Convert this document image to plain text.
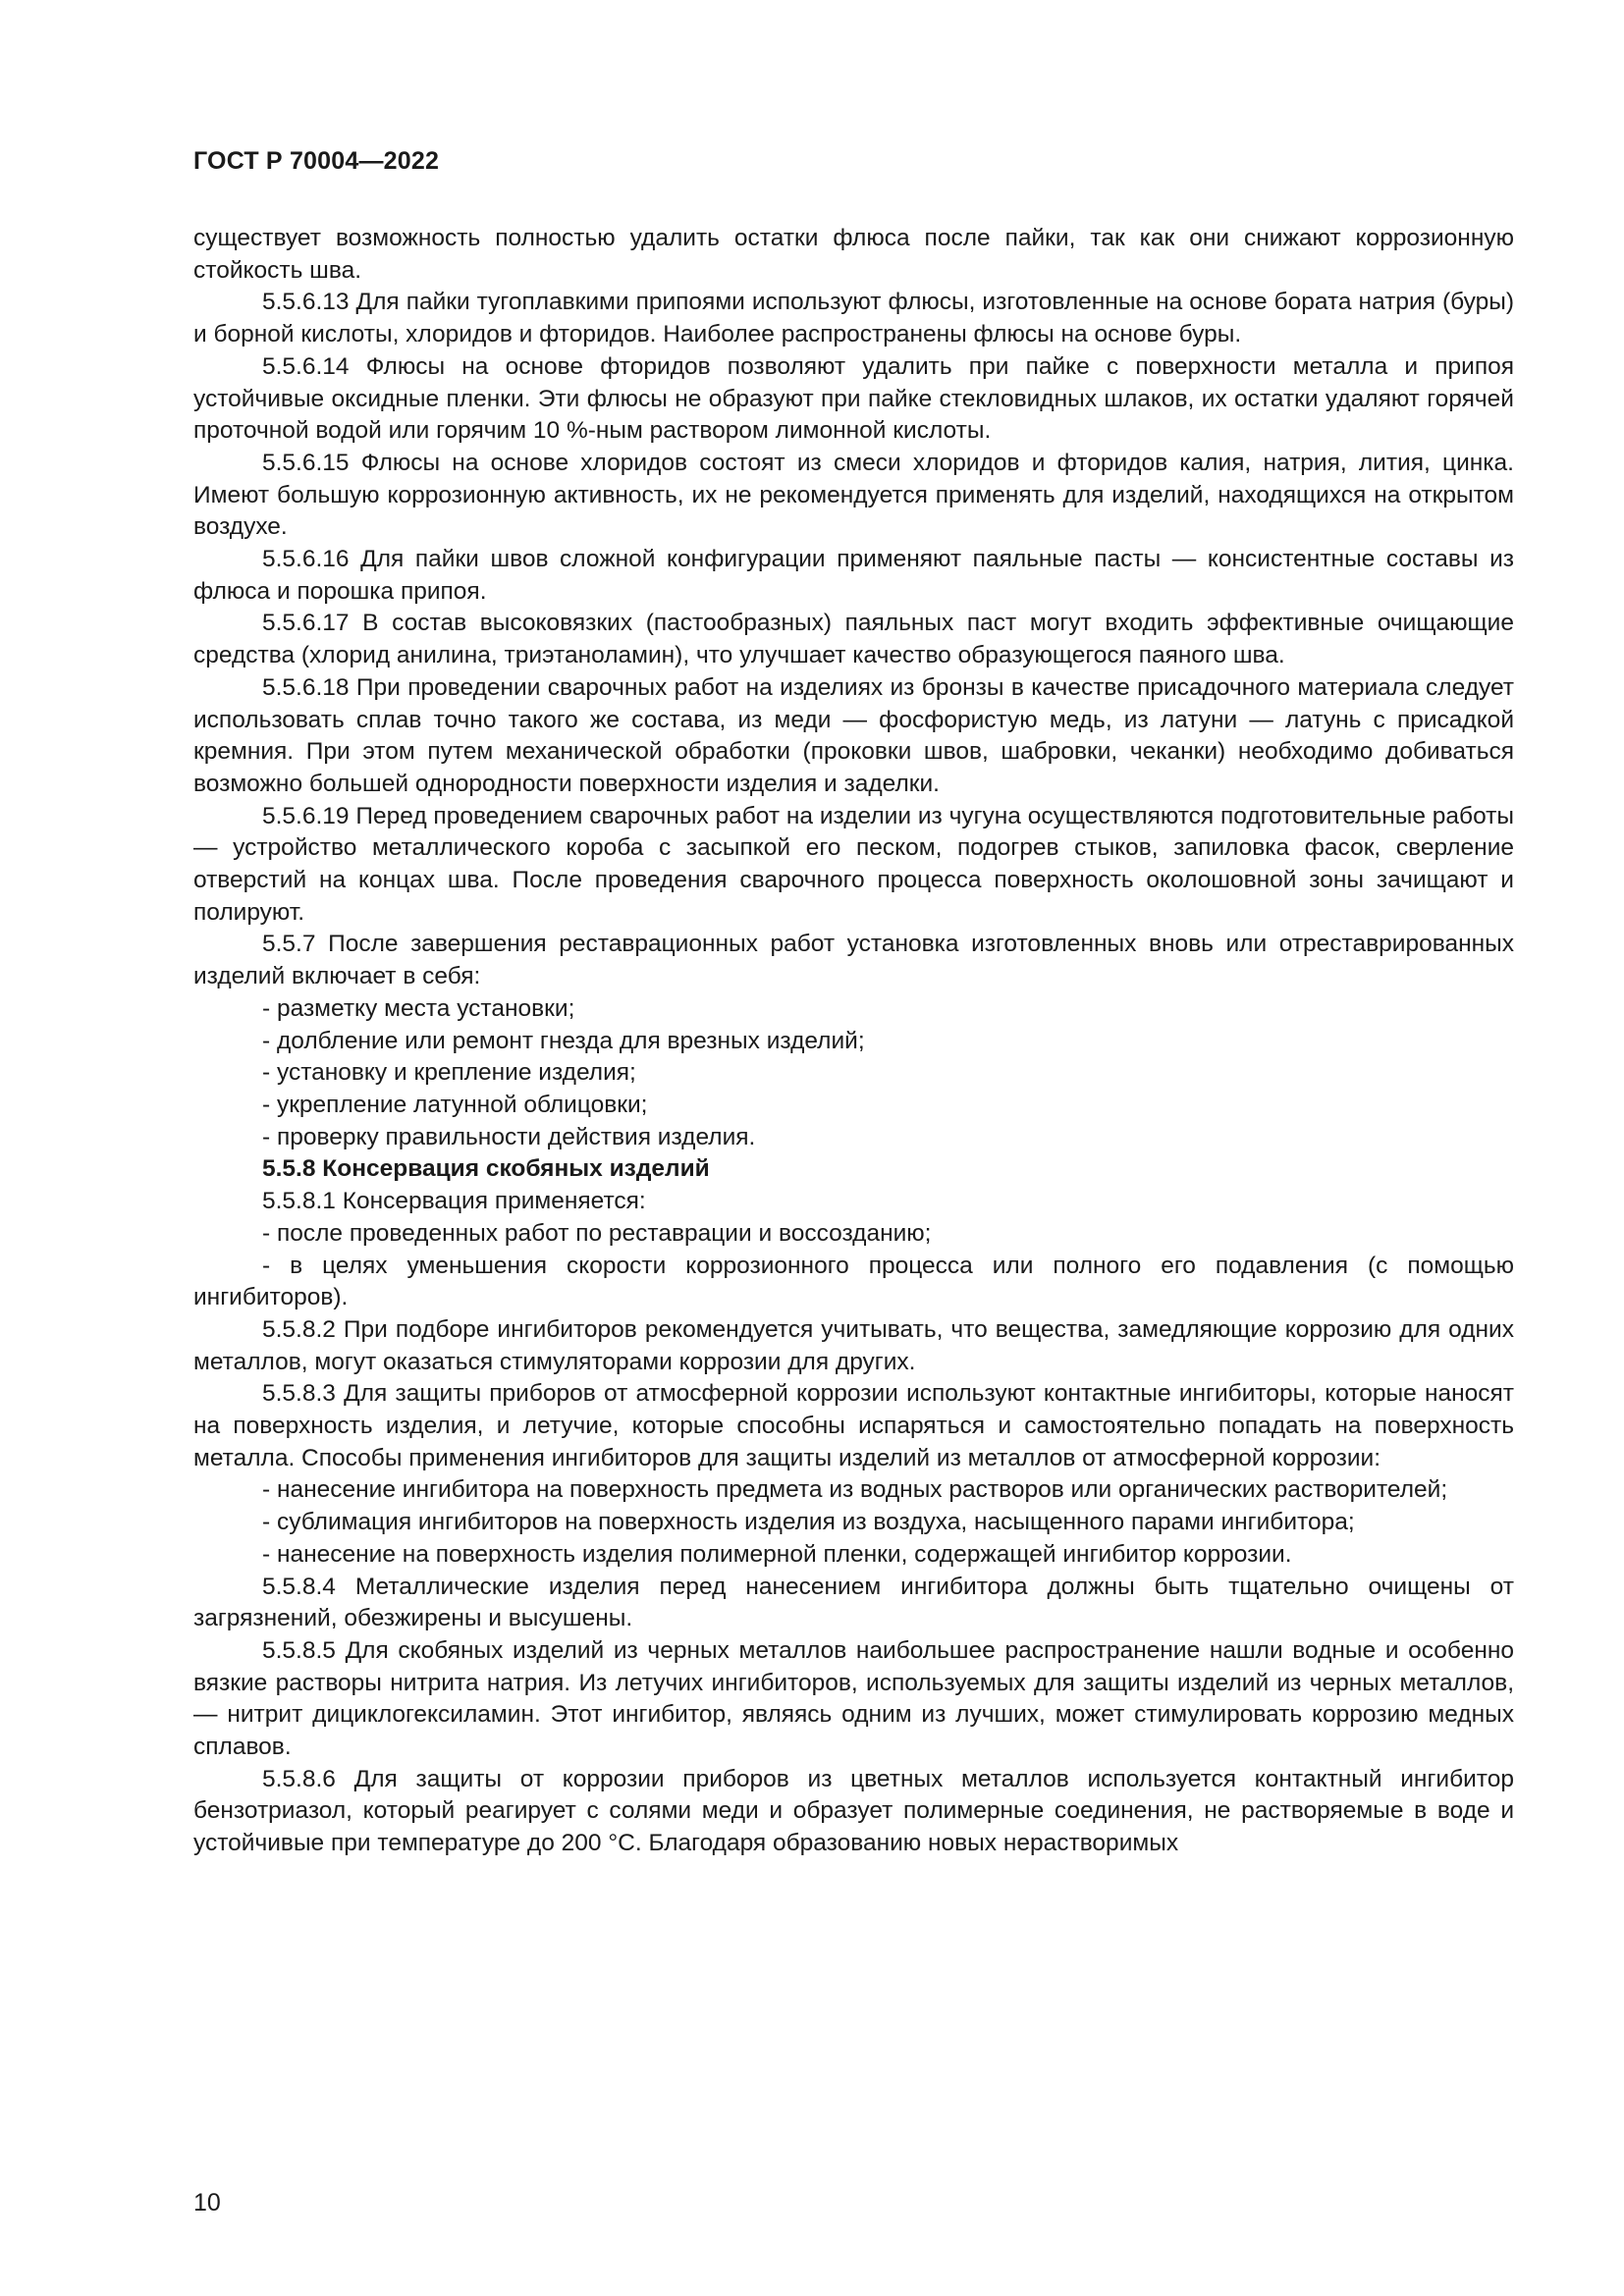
ГОСТ Р 70004—2022

существует возможность полностью удалить остатки флюса после пайки, так как они снижают коррозионную стойкость шва.

5.5.6.13 Для пайки тугоплавкими припоями используют флюсы, изготовленные на основе бората натрия (буры) и борной кислоты, хлоридов и фторидов. Наиболее распространены флюсы на основе буры.

5.5.6.14 Флюсы на основе фторидов позволяют удалить при пайке с поверхности металла и припоя устойчивые оксидные пленки. Эти флюсы не образуют при пайке стекловидных шлаков, их остатки удаляют горячей проточной водой или горячим 10 %-ным раствором лимонной кислоты.

5.5.6.15 Флюсы на основе хлоридов состоят из смеси хлоридов и фторидов калия, натрия, лития, цинка. Имеют большую коррозионную активность, их не рекомендуется применять для изделий, находящихся на открытом воздухе.

5.5.6.16 Для пайки швов сложной конфигурации применяют паяльные пасты — консистентные составы из флюса и порошка припоя.

5.5.6.17 В состав высоковязких (пастообразных) паяльных паст могут входить эффективные очищающие средства (хлорид анилина, триэтаноламин), что улучшает качество образующегося паяного шва.

5.5.6.18 При проведении сварочных работ на изделиях из бронзы в качестве присадочного материала следует использовать сплав точно такого же состава, из меди — фосфористую медь, из латуни — латунь с присадкой кремния. При этом путем механической обработки (проковки швов, шабровки, чеканки) необходимо добиваться возможно большей однородности поверхности изделия и заделки.

5.5.6.19 Перед проведением сварочных работ на изделии из чугуна осуществляются подготовительные работы — устройство металлического короба с засыпкой его песком, подогрев стыков, запиловка фасок, сверление отверстий на концах шва. После проведения сварочного процесса поверхность околошовной зоны зачищают и полируют.

5.5.7 После завершения реставрационных работ установка изготовленных вновь или отреставрированных изделий включает в себя:

- разметку места установки;

- долбление или ремонт гнезда для врезных изделий;

- установку и крепление изделия;

- укрепление латунной облицовки;

- проверку правильности действия изделия.

5.5.8 Консервация скобяных изделий

5.5.8.1 Консервация применяется:

- после проведенных работ по реставрации и воссозданию;

- в целях уменьшения скорости коррозионного процесса или полного его подавления (с помощью ингибиторов).

5.5.8.2 При подборе ингибиторов рекомендуется учитывать, что вещества, замедляющие коррозию для одних металлов, могут оказаться стимуляторами коррозии для других.

5.5.8.3 Для защиты приборов от атмосферной коррозии используют контактные ингибиторы, которые наносят на поверхность изделия, и летучие, которые способны испаряться и самостоятельно попадать на поверхность металла. Способы применения ингибиторов для защиты изделий из металлов от атмосферной коррозии:

- нанесение ингибитора на поверхность предмета из водных растворов или органических растворителей;

- сублимация ингибиторов на поверхность изделия из воздуха, насыщенного парами ингибитора;

- нанесение на поверхность изделия полимерной пленки, содержащей ингибитор коррозии.

5.5.8.4 Металлические изделия перед нанесением ингибитора должны быть тщательно очищены от загрязнений, обезжирены и высушены.

5.5.8.5 Для скобяных изделий из черных металлов наибольшее распространение нашли водные и особенно вязкие растворы нитрита натрия. Из летучих ингибиторов, используемых для защиты изделий из черных металлов, — нитрит дициклогексиламин. Этот ингибитор, являясь одним из лучших, может стимулировать коррозию медных сплавов.

5.5.8.6 Для защиты от коррозии приборов из цветных металлов используется контактный ингибитор бензотриазол, который реагирует с солями меди и образует полимерные соединения, не растворяемые в воде и устойчивые при температуре до 200 °С. Благодаря образованию новых нерастворимых

10
